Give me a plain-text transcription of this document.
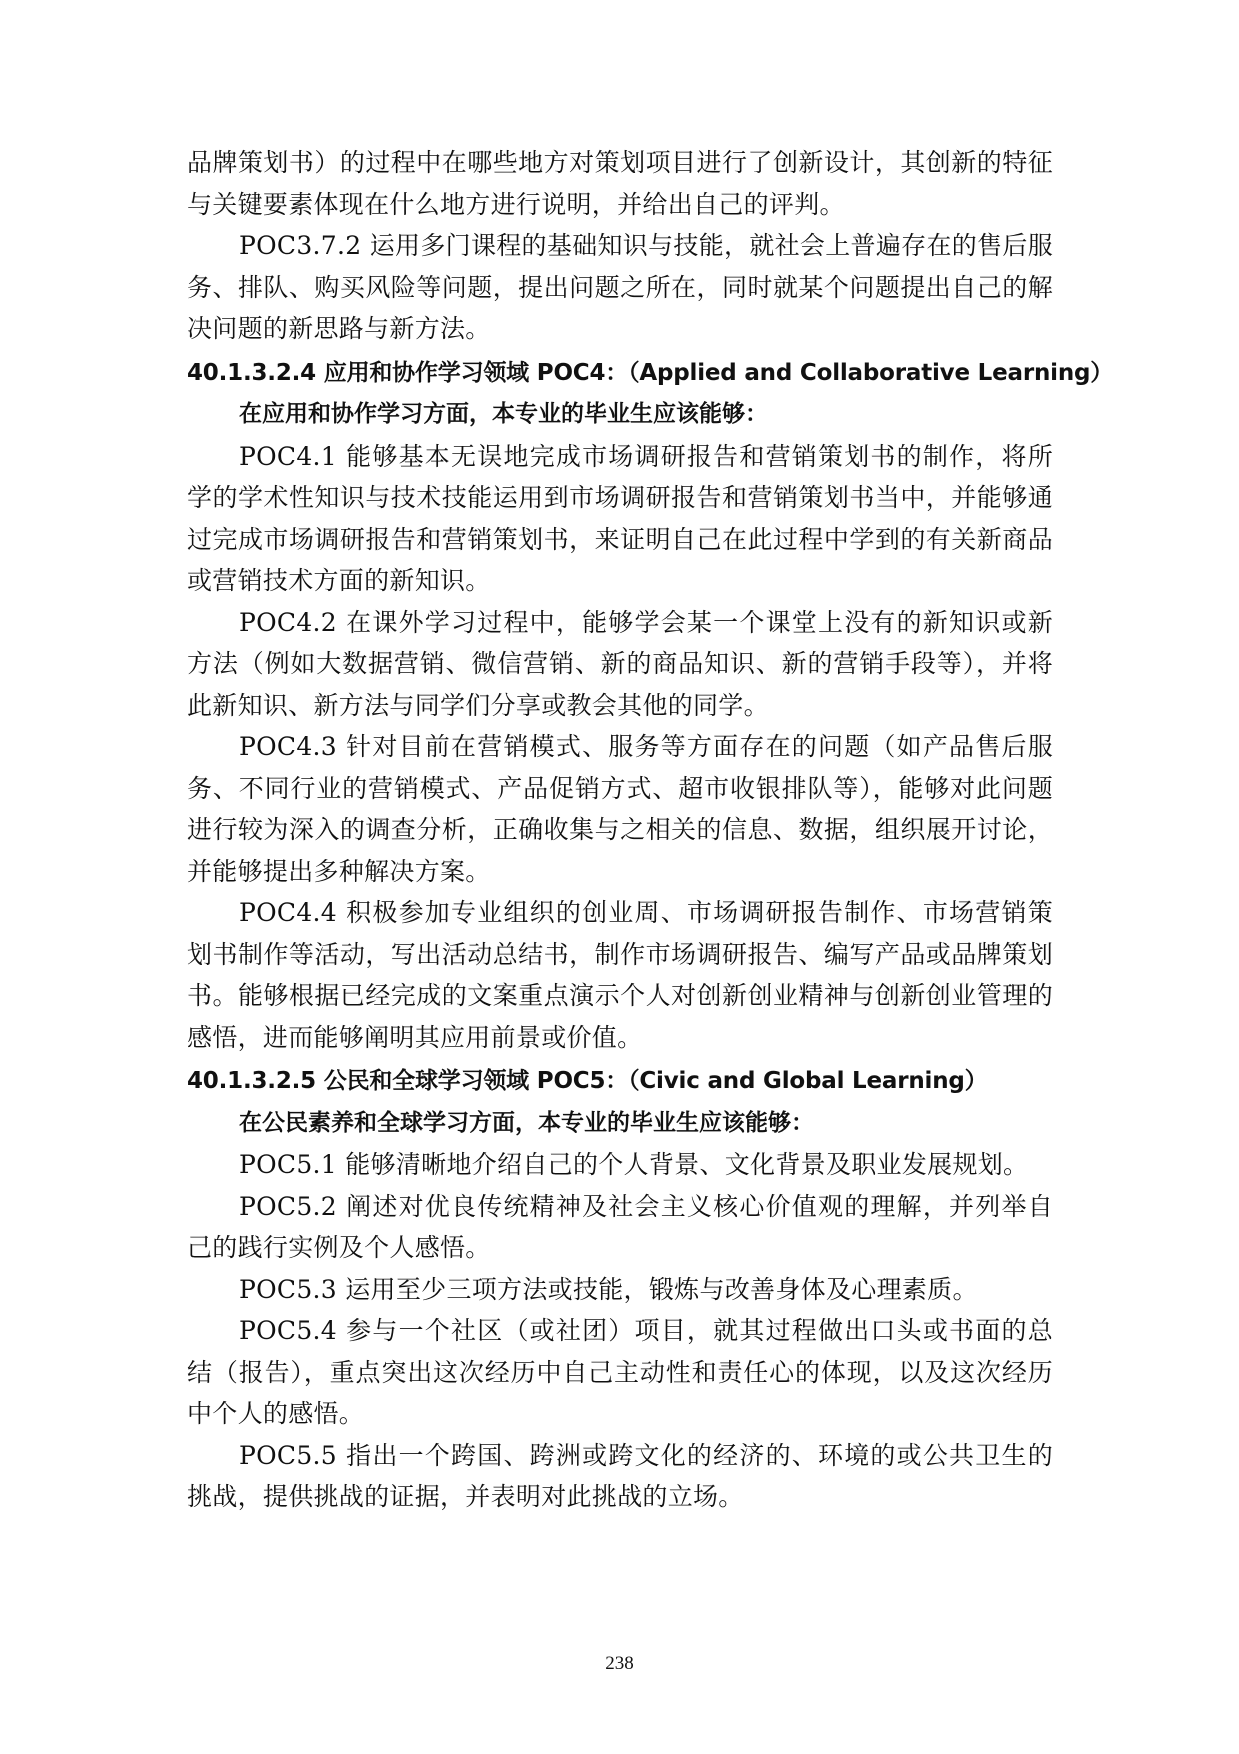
品牌策划书）的过程中在哪些地方对策划项目进行了创新设计，其创新的特征与关键要素体现在什么地方进行说明，并给出自己的评判。

POC3.7.2 运用多门课程的基础知识与技能，就社会上普遍存在的售后服务、排队、购买风险等问题，提出问题之所在，同时就某个问题提出自己的解决问题的新思路与新方法。

40.1.3.2.4 应用和协作学习领域 POC4：（Applied and Collaborative Learning）

在应用和协作学习方面，本专业的毕业生应该能够：

POC4.1 能够基本无误地完成市场调研报告和营销策划书的制作，将所学的学术性知识与技术技能运用到市场调研报告和营销策划书当中，并能够通过完成市场调研报告和营销策划书，来证明自己在此过程中学到的有关新商品或营销技术方面的新知识。

POC4.2 在课外学习过程中，能够学会某一个课堂上没有的新知识或新方法（例如大数据营销、微信营销、新的商品知识、新的营销手段等），并将此新知识、新方法与同学们分享或教会其他的同学。

POC4.3 针对目前在营销模式、服务等方面存在的问题（如产品售后服务、不同行业的营销模式、产品促销方式、超市收银排队等），能够对此问题进行较为深入的调查分析，正确收集与之相关的信息、数据，组织展开讨论，并能够提出多种解决方案。

POC4.4 积极参加专业组织的创业周、市场调研报告制作、市场营销策划书制作等活动，写出活动总结书，制作市场调研报告、编写产品或品牌策划书。能够根据已经完成的文案重点演示个人对创新创业精神与创新创业管理的感悟，进而能够阐明其应用前景或价值。

40.1.3.2.5 公民和全球学习领域 POC5：（Civic and Global Learning）

在公民素养和全球学习方面，本专业的毕业生应该能够：

POC5.1 能够清晰地介绍自己的个人背景、文化背景及职业发展规划。

POC5.2 阐述对优良传统精神及社会主义核心价值观的理解，并列举自己的践行实例及个人感悟。

POC5.3 运用至少三项方法或技能，锻炼与改善身体及心理素质。

POC5.4 参与一个社区（或社团）项目，就其过程做出口头或书面的总结（报告），重点突出这次经历中自己主动性和责任心的体现，以及这次经历中个人的感悟。

POC5.5 指出一个跨国、跨洲或跨文化的经济的、环境的或公共卫生的挑战，提供挑战的证据，并表明对此挑战的立场。

238
